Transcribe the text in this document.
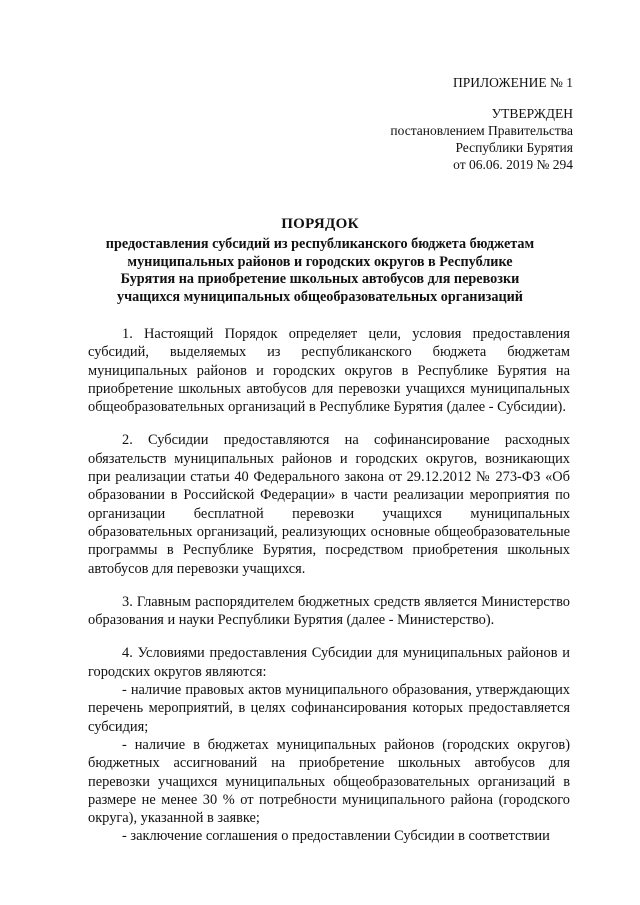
ПРИЛОЖЕНИЕ № 1
УТВЕРЖДЕН
постановлением Правительства
Республики Бурятия
от 06.06. 2019 № 294
ПОРЯДОК
предоставления субсидий из республиканского бюджета бюджетам
муниципальных районов и городских округов в Республике
Бурятия на приобретение школьных автобусов для перевозки
учащихся муниципальных общеобразовательных организаций

1. Настоящий Порядок определяет цели, условия предоставления субсидий, выделяемых из республиканского бюджета бюджетам муниципальных районов и городских округов в Республике Бурятия на приобретение школьных автобусов для перевозки учащихся муниципальных общеобразовательных организаций в Республике Бурятия (далее - Субсидии).

2. Субсидии предоставляются на софинансирование расходных обязательств муниципальных районов и городских округов, возникающих при реализации статьи 40 Федерального закона от 29.12.2012 № 273-ФЗ «Об образовании в Российской Федерации» в части реализации мероприятия по организации бесплатной перевозки учащихся муниципальных образовательных организаций, реализующих основные общеобразовательные программы в Республике Бурятия, посредством приобретения школьных автобусов для перевозки учащихся.

3. Главным распорядителем бюджетных средств является Министерство образования и науки Республики Бурятия (далее - Министерство).

4. Условиями предоставления Субсидии для муниципальных районов и городских округов являются:

- наличие правовых актов муниципального образования, утверждающих перечень мероприятий, в целях софинансирования которых предоставляется субсидия;

- наличие в бюджетах муниципальных районов (городских округов) бюджетных ассигнований на приобретение школьных автобусов для перевозки учащихся муниципальных общеобразовательных организаций в размере не менее 30 % от потребности муниципального района (городского округа), указанной в заявке;

- заключение соглашения о предоставлении Субсидии в соответствии
